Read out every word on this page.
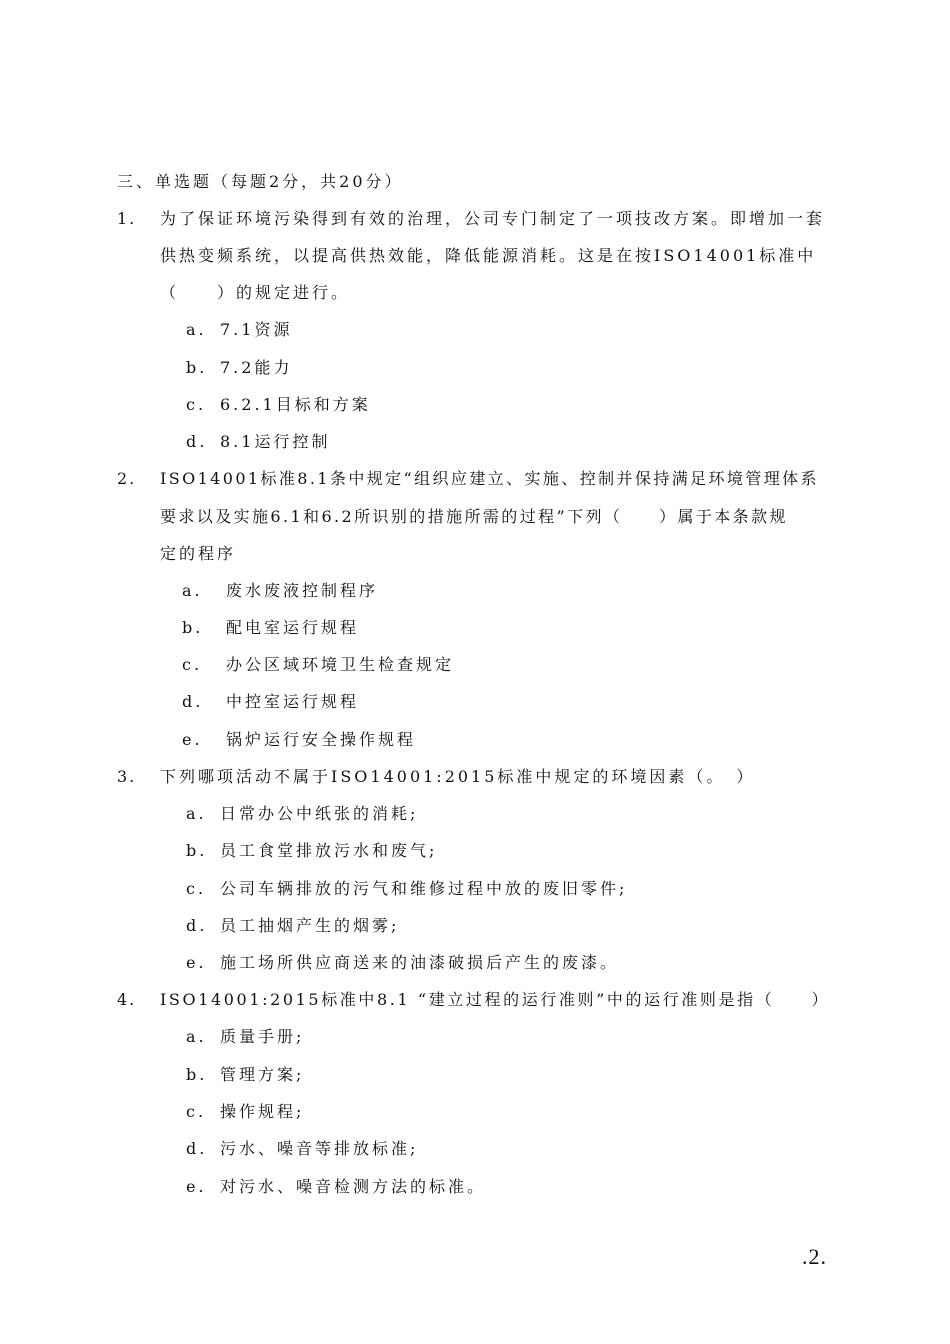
三、单选题（每题2分，共20分）
1. 为了保证环境污染得到有效的治理，公司专门制定了一项技改方案。即增加一套
供热变频系统，以提高供热效能，降低能源消耗。这是在按ISO14001标准中
（　　）的规定进行。
a. 7.1资源
b. 7.2能力
c. 6.2.1目标和方案
d. 8.1运行控制
2. ISO14001标准8.1条中规定“组织应建立、实施、控制并保持满足环境管理体系
要求以及实施6.1和6.2所识别的措施所需的过程”下列（　　）属于本条款规
定的程序
a. 废水废液控制程序
b. 配电室运行规程
c. 办公区域环境卫生检查规定
d. 中控室运行规程
e. 锅炉运行安全操作规程
3. 下列哪项活动不属于ISO14001:2015标准中规定的环境因素（。　）
a. 日常办公中纸张的消耗;
b. 员工食堂排放污水和废气;
c. 公司车辆排放的污气和维修过程中放的废旧零件;
d. 员工抽烟产生的烟雾;
e. 施工场所供应商送来的油漆破损后产生的废漆。
4. ISO14001:2015标准中8.1 “建立过程的运行准则”中的运行准则是指（　　）
a. 质量手册;
b. 管理方案;
c. 操作规程;
d. 污水、噪音等排放标准;
e. 对污水、噪音检测方法的标准。
.2.
